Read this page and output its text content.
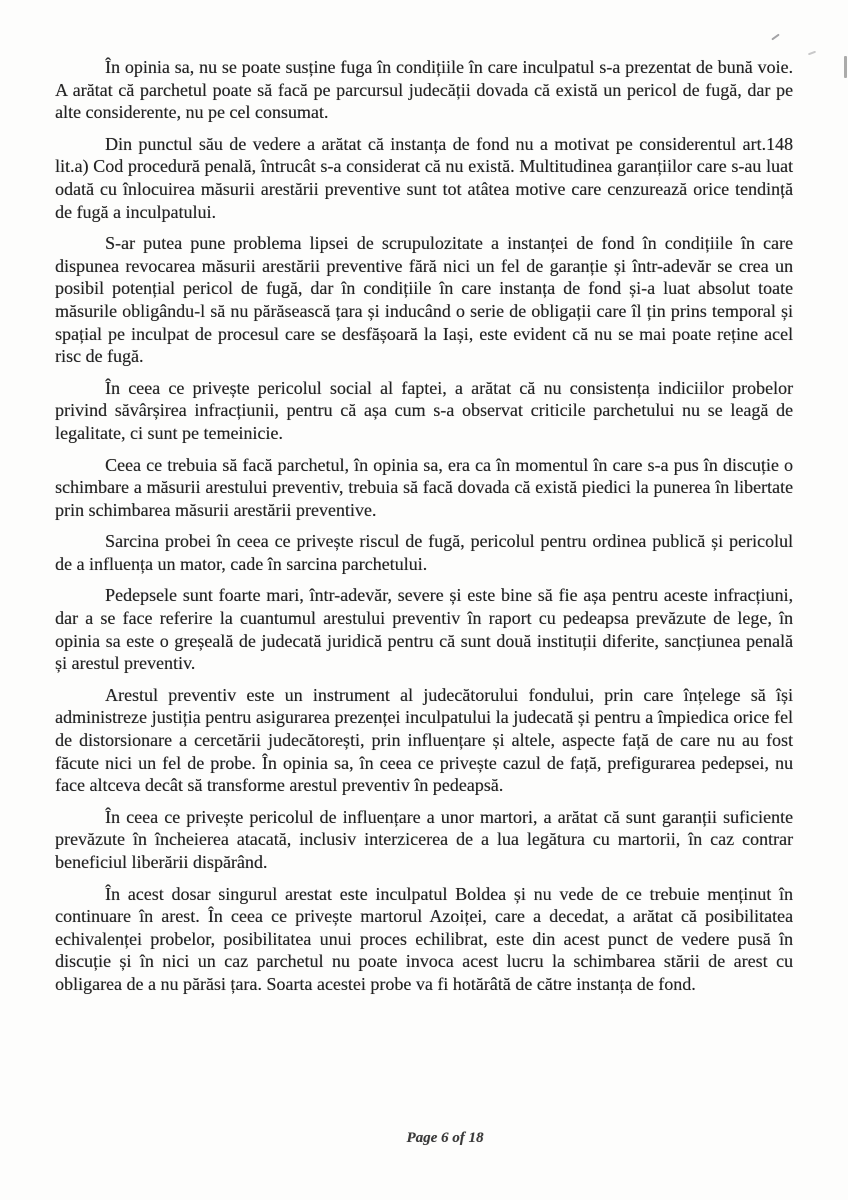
În opinia sa, nu se poate susține fuga în condițiile în care inculpatul s-a prezentat de bună voie. A arătat că parchetul poate să facă pe parcursul judecății dovada că există un pericol de fugă, dar pe alte considerente, nu pe cel consumat.

Din punctul său de vedere a arătat că instanța de fond nu a motivat pe considerentul art.148 lit.a) Cod procedură penală, întrucât s-a considerat că nu există. Multitudinea garanțiilor care s-au luat odată cu înlocuirea măsurii arestării preventive sunt tot atâtea motive care cenzurează orice tendință de fugă a inculpatului.

S-ar putea pune problema lipsei de scrupulozitate a instanței de fond în condițiile în care dispunea revocarea măsurii arestării preventive fără nici un fel de garanție și într-adevăr se crea un posibil potențial pericol de fugă, dar în condițiile în care instanța de fond și-a luat absolut toate măsurile obligându-l să nu părăsească țara și inducând o serie de obligații care îl țin prins temporal și spațial pe inculpat de procesul care se desfășoară la Iași, este evident că nu se mai poate reține acel risc de fugă.

În ceea ce privește pericolul social al faptei, a arătat că nu consistența indiciilor probelor privind săvârșirea infracțiunii, pentru că așa cum s-a observat criticile parchetului nu se leagă de legalitate, ci sunt pe temeinicie.

Ceea ce trebuia să facă parchetul, în opinia sa, era ca în momentul în care s-a pus în discuție o schimbare a măsurii arestului preventiv, trebuia să facă dovada că există piedici la punerea în libertate prin schimbarea măsurii arestării preventive.

Sarcina probei în ceea ce privește riscul de fugă, pericolul pentru ordinea publică și pericolul de a influența un mator, cade în sarcina parchetului.

Pedepsele sunt foarte mari, într-adevăr, severe și este bine să fie așa pentru aceste infracțiuni, dar a se face referire la cuantumul arestului preventiv în raport cu pedeapsa prevăzute de lege, în opinia sa este o greșeală de judecată juridică pentru că sunt două instituții diferite, sancțiunea penală și arestul preventiv.

Arestul preventiv este un instrument al judecătorului fondului, prin care înțelege să își administreze justiția pentru asigurarea prezenței inculpatului la judecată și pentru a împiedica orice fel de distorsionare a cercetării judecătorești, prin influențare și altele, aspecte față de care nu au fost făcute nici un fel de probe. În opinia sa, în ceea ce privește cazul de față, prefigurarea pedepsei, nu face altceva decât să transforme arestul preventiv în pedeapsă.

În ceea ce privește pericolul de influențare a unor martori, a arătat că sunt garanții suficiente prevăzute în încheierea atacată, inclusiv interzicerea de a lua legătura cu martorii, în caz contrar beneficiul liberării dispărând.

În acest dosar singurul arestat este inculpatul Boldea și nu vede de ce trebuie menținut în continuare în arest. În ceea ce privește martorul Azoiței, care a decedat, a arătat că posibilitatea echivalenței probelor, posibilitatea unui proces echilibrat, este din acest punct de vedere pusă în discuție și în nici un caz parchetul nu poate invoca acest lucru la schimbarea stării de arest cu obligarea de a nu părăsi țara. Soarta acestei probe va fi hotărâtă de către instanța de fond.

Page 6 of 18
